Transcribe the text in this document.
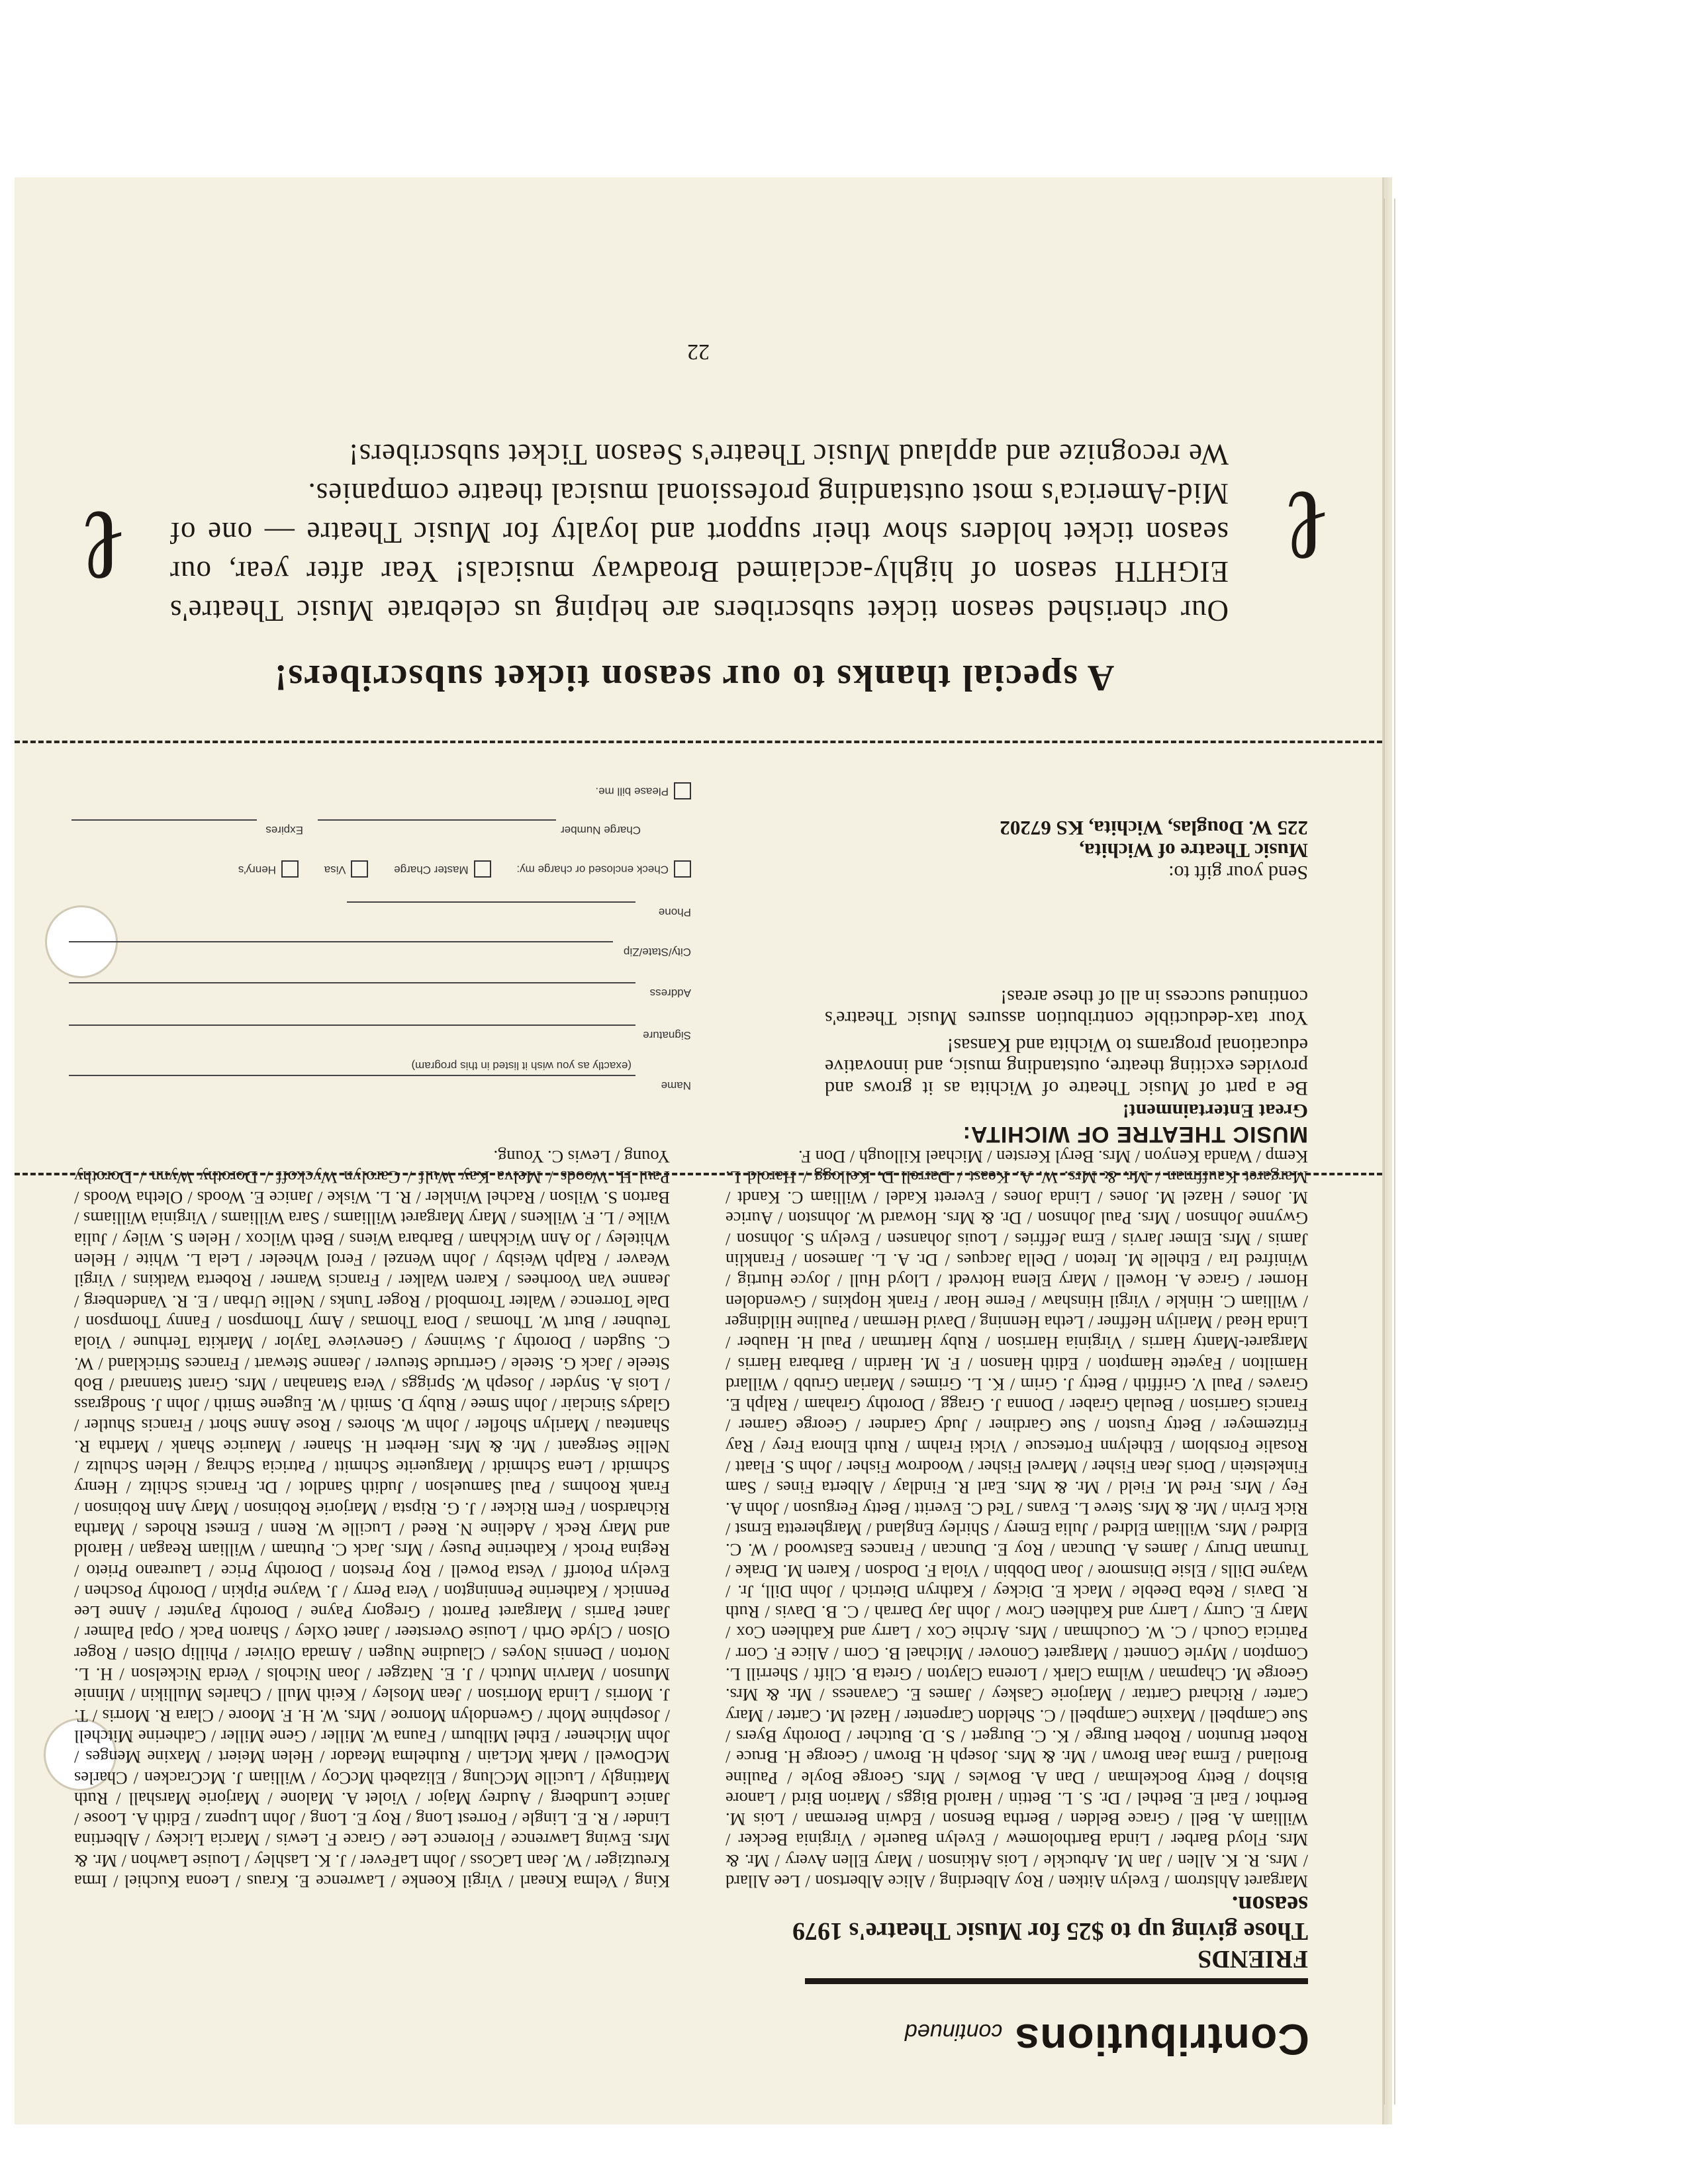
Contributionscontinued
FRIENDS
Those giving up to $25 for Music Theatre's 1979 season.
Margaret Ahlstrom / Evelyn Aitken / Roy Alberding / Alice Albertson / Lee Allard / Mrs. R. K. Allen / Jan M. Arbuckle / Lois Atkinson / Mary Ellen Avery / Mr. & Mrs. Floyd Barber / Linda Bartholomew / Evelyn Bauerle / Virginia Becker / William A. Bell / Grace Belden / Bertha Benson / Edwin Bereman / Lois M. Berthot / Earl E. Bethel / Dr. S. L. Bettin / Harold Biggs / Marion Bird / Lanore Bishop / Betty Bockelman / Dan A. Bowles / Mrs. George Boyle / Pauline Broiland / Erma Jean Brown / Mr. & Mrs. Joseph H. Brown / George H. Bruce / Robert Brunton / Robert Burge / K. C. Burgert / S. D. Butcher / Dorothy Byers / Sue Campbell / Maxine Campbell / C. Sheldon Carpenter / Hazel M. Carter / Mary Carter / Richard Carttar / Marjorie Caskey / James E. Cavaness / Mr. & Mrs. George M. Chapman / Wilma Clark / Lorena Clayton / Greta B. Clift / Sherrill L. Compton / Myrle Connett / Margaret Conover / Michael B. Corn / Alice F. Corr / Patricia Couch / C. W. Couchman / Mrs. Archie Cox / Larry and Kathleen Cox / Mary E. Curry / Larry and Kathleen Crow / John Jay Darrah / C. B. Davis / Ruth R. Davis / Reba Deeble / Mack E. Dickey / Kathryn Dietrich / John Dill, Jr. / Wayne Dills / Elsie Dinsmore / Joan Dobbin / Viola F. Dodson / Karen M. Drake / Truman Drury / James A. Duncan / Roy E. Duncan / Frances Eastwood / W. C. Eldred / Mrs. William Eldred / Julia Emery / Shirley England / Margheretta Ernst / Rick Ervin / Mr. & Mrs. Steve L. Evans / Ted C. Everitt / Betty Ferguson / John A. Fey / Mrs. Fred M. Field / Mr. & Mrs. Earl R. Findlay / Alberta Fines / Sam Finkelstein / Doris Jean Fisher / Marvel Fisher / Woodrow Fisher / John S. Flaatt / Rosalie Forsblom / Ethelynn Fortescue / Vicki Frahm / Ruth Elnora Frey / Ray Fritzemeyer / Betty Fuston / Sue Gardiner / Judy Gardner / George Garner / Francis Garrison / Beulah Graber / Donna J. Gragg / Dorothy Graham / Ralph E. Graves / Paul V. Griffith / Betty J. Grim / K. L. Grimes / Marian Grubb / Willard Hamilton / Fayette Hampton / Edith Hanson / F. M. Hardin / Barbara Harris / Margaret-Manty Harris / Virginia Harrison / Ruby Hartman / Paul H. Hauber / Linda Head / Marilyn Heffner / Letha Henning / David Herman / Pauline Hildinger / William C. Hinkle / Virgil Hinshaw / Ferne Hoar / Frank Hopkins / Gwendolen Horner / Grace A. Howell / Mary Elena Hotvedt / Lloyd Hull / Joyce Hurtig / Winifred Ira / Ethelle M. Ireton / Della Jacques / Dr. A. L. Jameson / Franklin Jamis / Mrs. Elmer Jarvis / Erna Jeffries / Louis Johansen / Evelyn S. Johnson / Gwynne Johnson / Mrs. Paul Johnson / Dr. & Mrs. Howard W. Johnston / Aurice M. Jones / Hazel M. Jones / Linda Jones / Everett Kadel / William C. Kandt / Margaret Kauffman / Mr. & Mrs. W. A. Keast / Darrell D. Kellogg / Harold L. Kemp / Wanda Kenyon / Mrs. Beryl Kersten / Michael Killough / Don F.
King / Velma Knearl / Virgil Koenke / Lawrence E. Kraus / Leona Kuchiel / Irma Kreutziger / W. Jean LaCoss / John LaFever / J. K. Lashley / Louise Lawhon / Mr. & Mrs. Ewing Lawrence / Florence Lee / Grace F. Lewis / Marcia Lickey / Albertina Linder / R. E. Lingle / Forrest Long / Roy E. Long / John Lupenz / Edith A. Loose / Janice Lundberg / Audrey Major / Violet A. Malone / Marjorie Marshall / Ruth Mattingly / Lucille McClung / Elizabeth McCoy / William J. McCracken / Charles McDowell / Mark McLain / Ruthelma Meador / Helen Meiert / Maxine Menges / John Michener / Ethel Milburn / Fauna W. Miller / Gene Miller / Catherine Mitchell / Josephine Mohr / Gwendolyn Monroe / Mrs. W. H. F. Moore / Clara R. Morris / T. J. Morris / Linda Morrison / Jean Mosley / Keith Mull / Charles Mullikin / Minnie Munson / Marvin Mutch / J. E. Natzger / Joan Nichols / Verda Nickelson / H. L. Norton / Dennis Noyes / Claudine Nugen / Amada Olivier / Phillip Olsen / Roger Olson / Clyde Orth / Louise Oversteer / Janet Oxley / Sharon Pack / Opal Palmer / Janet Parris / Margaret Parrott / Gregory Payne / Dorothy Paynter / Anne Lee Pennick / Katherine Pennington / Vera Perry / J. Wayne Pipkin / Dorothy Poschen / Evelyn Potorff / Vesta Powell / Roy Preston / Dorothy Price / Laureano Prieto / Regina Prock / Katherine Pusey / Mrs. Jack C. Putnam / William Reagan / Harold and Mary Reck / Adeline N. Reed / Lucille W. Renn / Ernest Rhodes / Martha Richardson / Fern Ricker / J. G. Ripsta / Marjorie Robinson / Mary Ann Robinson / Frank Roohms / Paul Samuelson / Judith Sandlot / Dr. Francis Schiltz / Henry Schmidt / Lena Schmidt / Marguerite Schmitt / Patricia Schrag / Helen Schultz / Nellie Sergeant / Mr. & Mrs. Herbert H. Shaner / Maurice Shank / Martha R. Shanteau / Marilyn Shofler / John W. Shores / Rose Anne Short / Francis Shutler / Gladys Sinclair / John Smee / Ruby D. Smith / W. Eugene Smith / John J. Snodgrass / Lois A. Snyder / Joseph W. Spriggs / Vera Stanahan / Mrs. Grant Stannard / Bob Steele / Jack G. Steele / Gertrude Steuver / Jeanne Stewart / Frances Strickland / W. C. Sugden / Dorothy J. Swinney / Genevieve Taylor / Markita Terhune / Viola Teubner / Burt W. Thomas / Dora Thomas / Amy Thompson / Fanny Thompson / Dale Torrence / Walter Trombold / Roger Tunks / Nellie Urban / E. R. Vandenberg / Jeanne Van Voorhees / Karen Walker / Francis Warner / Roberta Watkins / Virgil Weaver / Ralph Weisby / John Wenzel / Ferol Wheeler / Lela L. White / Helen Whiteley / Jo Ann Wickham / Barbara Wiens / Beth Wilcox / Helen S. Wiley / Julia Wilke / L. F. Wilkens / Mary Margaret Williams / Sara Williams / Virginia Williams / Barton S. Wilson / Rachel Winkler / R. L. Wiske / Janice E. Woods / Oletha Woods / Paul H. Woods / Melva Kay Wulf / Carolyn Wyckoff / Dorothy Wynn / Dorothy Young / Lewis C. Young.
MUSIC THEATRE OF WICHITA:
Great Entertainment!

Be a part of Music Theatre of Wichita as it grows and provides exciting theatre, outstanding music, and innovative educational programs to Wichita and Kansas!

Your tax-deductible contribution assures Music Theatre's continued success in all of these areas!

Send your gift to:
Music Theatre of Wichita,
225 W. Douglas, Wichita, KS 67202
Name
(exactly as you wish it listed in this program)
Signature
Address
City/State/Zip
Phone
Check enclosed or charge my: Master Charge Visa Henry's
Charge Number
Expires
Please bill me.
A special thanks to our season ticket subscribers!
ℓ
ℓ
Our cherished season ticket subscribers are helping us celebrate Music Theatre's EIGHTH season of highly-acclaimed Broadway musicals! Year after year, our season ticket holders show their support and loyalty for Music Theatre — one of Mid-America's most outstanding professional musical theatre companies.
We recognize and applaud Music Theatre's Season Ticket subscribers!
22
